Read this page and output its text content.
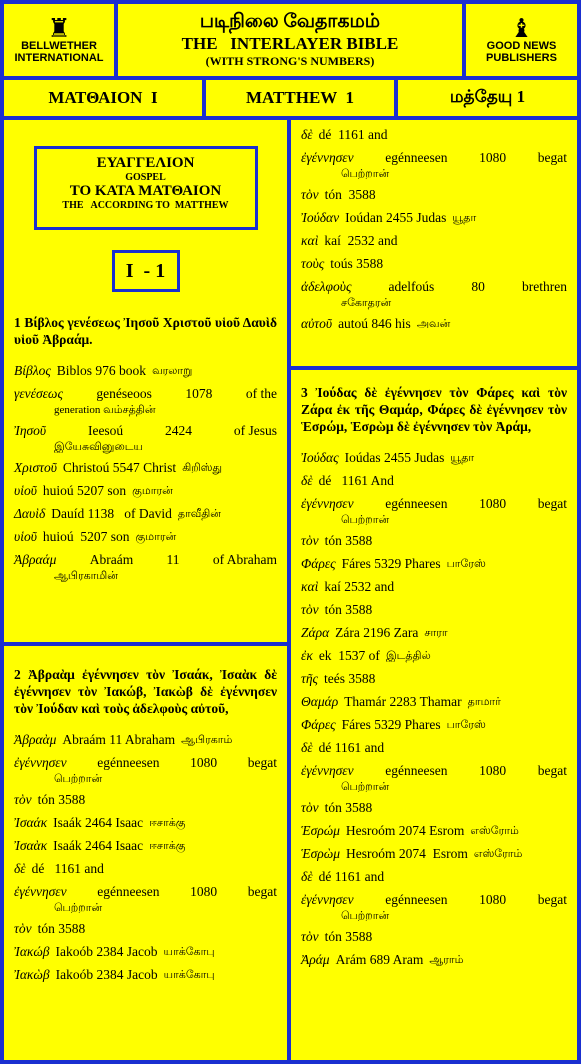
♜
BELLWETHER
INTERNATIONAL
படிநிலை வேதாகமம்
THE   INTERLAYER BIBLE
(WITH STRONG'S NUMBERS)
♝
GOOD NEWS
PUBLISHERS
ΜΑΤΘΑΙΟΝ  Ι	MATTHEW  1	மத்தேயு 1
ΕΥΑΓΓΕΛΙΟΝ
GOSPEL
ΤΟ ΚΑΤΑ ΜΑΤΘΑΙΟΝ
THE   ACCORDING TO  MATTHEW
Ι  - 1
1 Βίβλος γενέσεως Ἰησοῦ Χριστοῦ υἱοῦ Δαυὶδ υἱοῦ Ἀβραάμ.
Βίβλος Biblos 976 book வரலாறு
γενέσεως genéseoos 1078 of the
generation வம்சத்தின்
Ἰησοῦ	Ieesoú	2424	of Jesus
இயேசுவினுடைய
Χριστοῦ Christoú 5547 Christ கிறிஸ்து
υἱοῦ huioú 5207 son குமாரன்
Δαυὶδ Dauíd 1138   of David தாவீதின்
υἱοῦ huioú  5207 son குமாரன்
Ἀβραάμ Abraám 11 of Abraham
ஆபிரகாமின்
2 Ἀβραὰμ ἐγέννησεν τὸν Ἰσαάκ, Ἰσαὰκ δὲ ἐγέννησεν τὸν Ἰακώβ, Ἰακὼβ δὲ ἐγέννησεν τὸν Ἰούδαν καὶ τοὺς ἀδελφοὺς αὐτοῦ,
Ἀβραὰμ Abraám 11 Abraham ஆபிரகாம்
ἐγέννησεν egénneesen 1080 begat
பெற்றான்
τὸν tón 3588
Ἰσαάκ Isaák 2464 Isaac ஈசாக்கு
Ἰσαὰκ Isaák 2464 Isaac ஈசாக்கு
δὲ dé   1161 and
ἐγέννησεν egénneesen 1080 begat
பெற்றான்
τὸν tón 3588
Ἰακώβ Iakoób 2384 Jacob யாக்கோபு
Ἰακὼβ Iakoób 2384 Jacob யாக்கோபு
δὲ dé  1161 and
ἐγέννησεν egénneesen 1080 begat
பெற்றான்
τὸν tón  3588
Ἰούδαν Ioúdan 2455 Judas யூதா
καὶ kaí  2532 and
τοὺς toús 3588
ἀδελφοὺς	adelfoús	80	brethren
சகோதரன்
αὐτοῦ autoú 846 his அவன்
3 Ἰούδας δὲ ἐγέννησεν τὸν Φάρες καὶ τὸν Ζάρα ἐκ τῆς Θαμάρ, Φάρες δὲ ἐγέννησεν τὸν Ἑσρώμ, Ἑσρὼμ δὲ ἐγέννησεν τὸν Ἀράμ,
Ἰούδας Ioúdas 2455 Judas யூதா
δὲ dé   1161 And
ἐγέννησεν egénneesen 1080 begat
பெற்றான்
τὸν tón 3588
Φάρες Fáres 5329 Phares பாரேஸ்
καὶ kaí 2532 and
τὸν tón 3588
Ζάρα Zára 2196 Zara சாரா
ἐκ ek  1537 of இடத்தில்
τῆς teés 3588
Θαμάρ Thamár 2283 Thamar தாமார்
Φάρες Fáres 5329 Phares பாரேஸ்
δὲ dé 1161 and
ἐγέννησεν egénneesen 1080 begat
பெற்றான்
τὸν tón 3588
Ἑσρώμ Hesroóm 2074 Esrom எஸ்ரோம்
Ἑσρὼμ Hesroóm 2074  Esrom எஸ்ரோம்
δὲ dé 1161 and
ἐγέννησεν egénneesen 1080 begat
பெற்றான்
τὸν tón 3588
Ἀράμ Arám 689 Aram ஆராம்
